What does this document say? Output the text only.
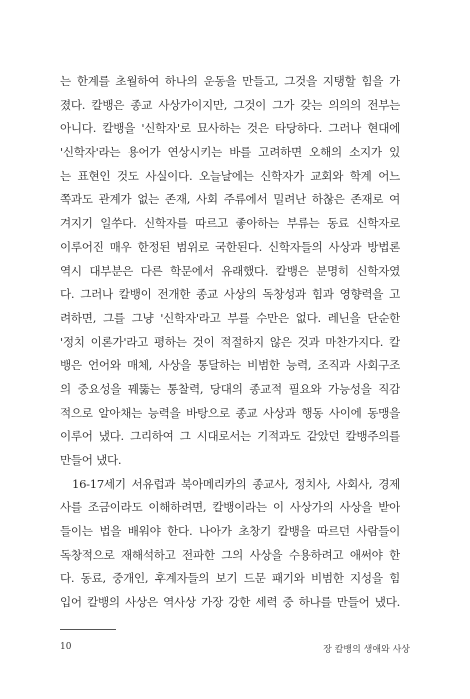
는 한계를 초월하여 하나의 운동을 만들고, 그것을 지탱할 힘을 가
졌다. 칼뱅은 종교 사상가이지만, 그것이 그가 갖는 의의의 전부는
아니다. 칼뱅을 '신학자'로 묘사하는 것은 타당하다. 그러나 현대에
'신학자'라는 용어가 연상시키는 바를 고려하면 오해의 소지가 있
는 표현인 것도 사실이다. 오늘날에는 신학자가 교회와 학계 어느
쪽과도 관계가 없는 존재, 사회 주류에서 밀려난 하찮은 존재로 여
겨지기 일쑤다. 신학자를 따르고 좋아하는 부류는 동료 신학자로
이루어진 매우 한정된 범위로 국한된다. 신학자들의 사상과 방법론
역시 대부분은 다른 학문에서 유래했다. 칼뱅은 분명히 신학자였
다. 그러나 칼뱅이 전개한 종교 사상의 독창성과 힘과 영향력을 고
려하면, 그를 그냥 '신학자'라고 부를 수만은 없다. 레닌을 단순한
'정치 이론가'라고 평하는 것이 적절하지 않은 것과 마찬가지다. 칼
뱅은 언어와 매체, 사상을 통달하는 비범한 능력, 조직과 사회구조
의 중요성을 꿰뚫는 통찰력, 당대의 종교적 필요와 가능성을 직감
적으로 알아채는 능력을 바탕으로 종교 사상과 행동 사이에 동맹을
이루어 냈다. 그리하여 그 시대로서는 기적과도 같았던 칼뱅주의를
만들어 냈다.
16-17세기 서유럽과 북아메리카의 종교사, 정치사, 사회사, 경제
사를 조금이라도 이해하려면, 칼뱅이라는 이 사상가의 사상을 받아
들이는 법을 배워야 한다. 나아가 초창기 칼뱅을 따르던 사람들이
독창적으로 재해석하고 전파한 그의 사상을 수용하려고 애써야 한
다. 동료, 중개인, 후계자들의 보기 드문 패기와 비범한 지성을 힘
입어 칼뱅의 사상은 역사상 가장 강한 세력 중 하나를 만들어 냈다.
10	장 칼뱅의 생애와 사상
